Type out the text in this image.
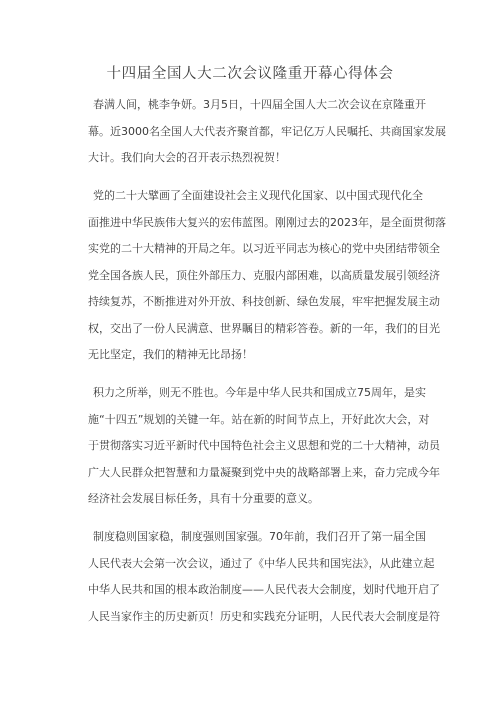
十四届全国人大二次会议隆重开幕心得体会

春满人间，桃李争妍。3月5日，十四届全国人大二次会议在京隆重开
幕。近3000名全国人大代表齐聚首都，牢记亿万人民嘱托、共商国家发展
大计。我们向大会的召开表示热烈祝贺！

党的二十大擘画了全面建设社会主义现代化国家、以中国式现代化全
面推进中华民族伟大复兴的宏伟蓝图。刚刚过去的2023年，是全面贯彻落
实党的二十大精神的开局之年。以习近平同志为核心的党中央团结带领全
党全国各族人民，顶住外部压力、克服内部困难，以高质量发展引领经济
持续复苏，不断推进对外开放、科技创新、绿色发展，牢牢把握发展主动
权，交出了一份人民满意、世界瞩目的精彩答卷。新的一年，我们的目光
无比坚定，我们的精神无比昂扬！

积力之所举，则无不胜也。今年是中华人民共和国成立75周年，是实
施“十四五”规划的关键一年。站在新的时间节点上，开好此次大会，对
于贯彻落实习近平新时代中国特色社会主义思想和党的二十大精神，动员
广大人民群众把智慧和力量凝聚到党中央的战略部署上来，奋力完成今年
经济社会发展目标任务，具有十分重要的意义。

制度稳则国家稳，制度强则国家强。70年前，我们召开了第一届全国
人民代表大会第一次会议，通过了《中华人民共和国宪法》，从此建立起
中华人民共和国的根本政治制度——人民代表大会制度，划时代地开启了
人民当家作主的历史新页！历史和实践充分证明，人民代表大会制度是符
